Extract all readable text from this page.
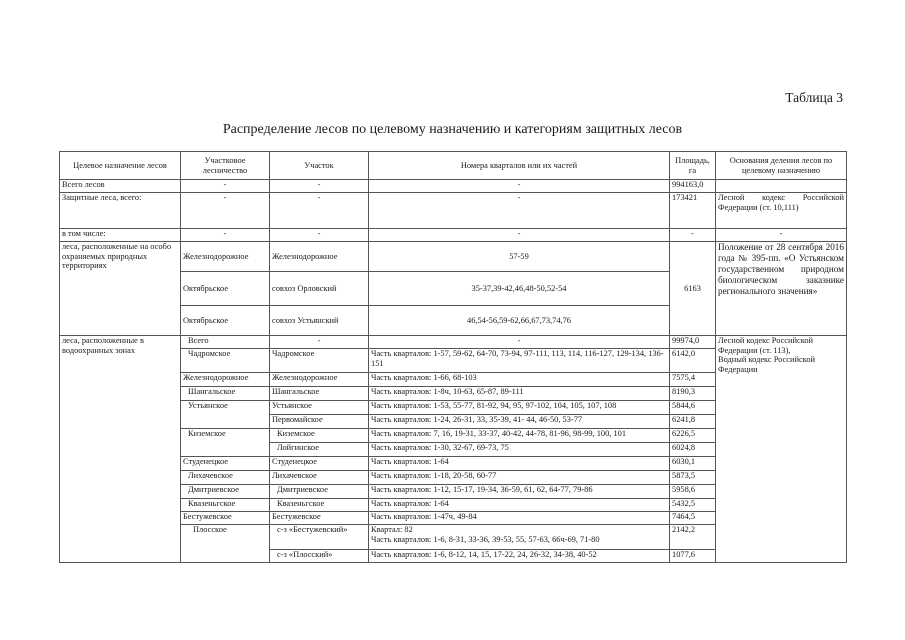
Таблица 3
Распределение лесов по целевому назначению и категориям защитных лесов
Целевое назначение лесов	Участковое лесничество	Участок	Номера кварталов или их частей	Площадь, га	Основания деления лесов по целевому назначению
Всего лесов	-	-	-	994163,0	
Защитные леса, всего:	-	-	-	173421	Лесной кодекс Российской Федерации (ст. 10,111)
в том числе:	-	-	-	-	-
леса, расположенные на особо охраняемых природных территориях	Железнодорожное	Железнодорожное	57-59	6163	Положение от 28 сентября 2016 года № 395-пп. «О Устьянском государственном природном биологическом заказнике регионального значения»
	Октябрьское	совхоз Орловский	35-37,39-42,46,48-50,52-54		
	Октябрьское	совхоз Устьянский	46,54-56,59-62,66,67,73,74,76		
леса, расположенные в водоохранных зонах	Всего	-	-	99974,0	Лесной кодекс Российской Федерации (ст. 113),
Водный кодекс Российской Федерации

	Чадромское	Чадромское	Часть кварталов: 1-57, 59-62, 64-70, 73-94, 97-111, 113, 114, 116-127, 129-134, 136-151	6142,0	
	Железнодорожное	Железнодорожное	Часть кварталов: 1-66, 68-103	7575,4	
	Шангальское	Шангальское	Часть кварталов: 1-8ч, 10-63, 65-87, 89-111	8190,3	
	Устьянское	Устьянское	Часть кварталов: 1-53, 55-77, 81-92, 94, 95, 97-102, 104, 105, 107, 108	5844,6	
		Первомайское	Часть кварталов: 1-24, 26-31, 33, 35-39, 41- 44, 46-50, 53-77	6241,8	
	Киземское	Киземское	Часть кварталов: 7, 16, 19-31, 33-37, 40-42, 44-78, 81-96, 98-99, 100, 101	6226,5	
		Лойгинское	Часть кварталов: 1-30, 32-67, 69-73, 75	6024,8	
	Студенецкое	Студенецкое	Часть кварталов: 1-64	6030,1	
	Лихачевское	Лихачевское	Часть кварталов: 1-18, 20-58, 60-77	5873,5	
	Дмитриевское	Дмитриевское	Часть кварталов: 1-12, 15-17, 19-34, 36-59, 61, 62, 64-77, 79-86	5958,6	
	Квазеньгское	Квазеньгское	Часть кварталов: 1-64	5432,5	
	Бестужевское	Бестужевское	Часть кварталов: 1-47ч, 49-84	7464,5	
	Плосское	с-з «Бестужевский»	Квартал: 82
Часть кварталов: 1-6, 8-31, 33-36, 39-53, 55, 57-63, 66ч-69, 71-80	2142,2	
		с-з «Плосский»	Часть кварталов: 1-6, 8-12, 14, 15, 17-22, 24, 26-32, 34-38, 40-52	1077,6	
